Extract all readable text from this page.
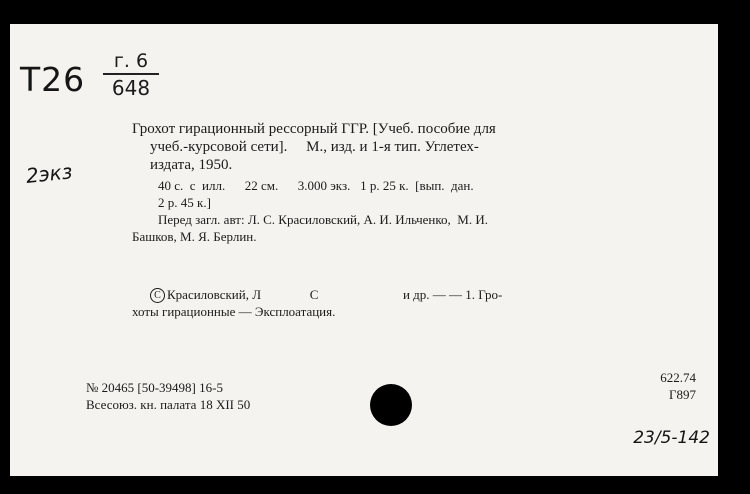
T26	г. 6
648
2экз
Грохот гирационный рессорный ГГР. [Учеб. пособие для
учеб.-курсовой сети].     М., изд. и 1-я тип. Углетех-
издата, 1950.
40 с.  с  илл.      22 см.      3.000 экз.   1 р. 25 к.  [вып.  дан.
2 р. 45 к.]
Перед загл. авт: Л. С. Красиловский, А. И. Ильченко,  М. И.
Башков, М. Я. Берлин.
C Красиловский, Л               С                          и др. — — 1. Гро-
хоты гирационные — Эксплоатация.
№ 20465 [50-39498] 16-5
Всесоюз. кн. палата 18 XII 50
622.74
Г897
23/5-142
